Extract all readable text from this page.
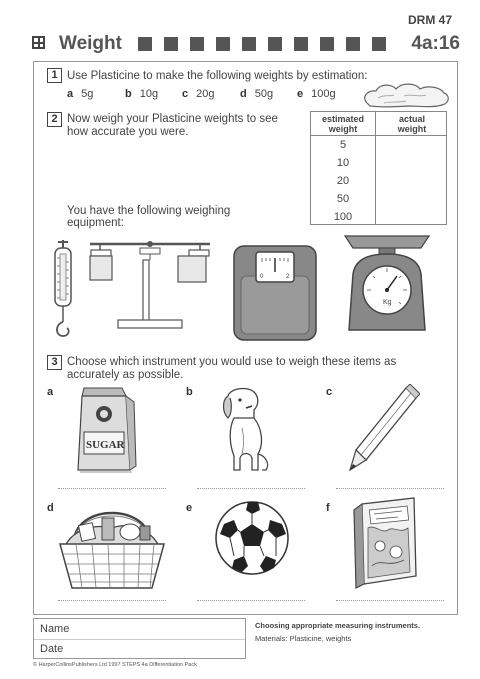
DRM 47
Weight	4a:16
1 Use Plasticine to make the following weights by estimation:
a 5g	b 10g c 20g d 50g e 100g
2 Now weigh your Plasticine weights to see
how accurate you were.
estimated
weight
actual
weight
5
10
20
50
100
You have the following weighing
equipment:
0	2
Kg
3 Choose which instrument you would use to weigh these items as
accurately as possible.
a
SUGAR
b	c
d	e	f
Name
Date
Choosing appropriate measuring instruments.
Materials: Plasticine, weights
© HarperCollinsPublishers Ltd 1997 STEPS 4a Differentiation Pack
